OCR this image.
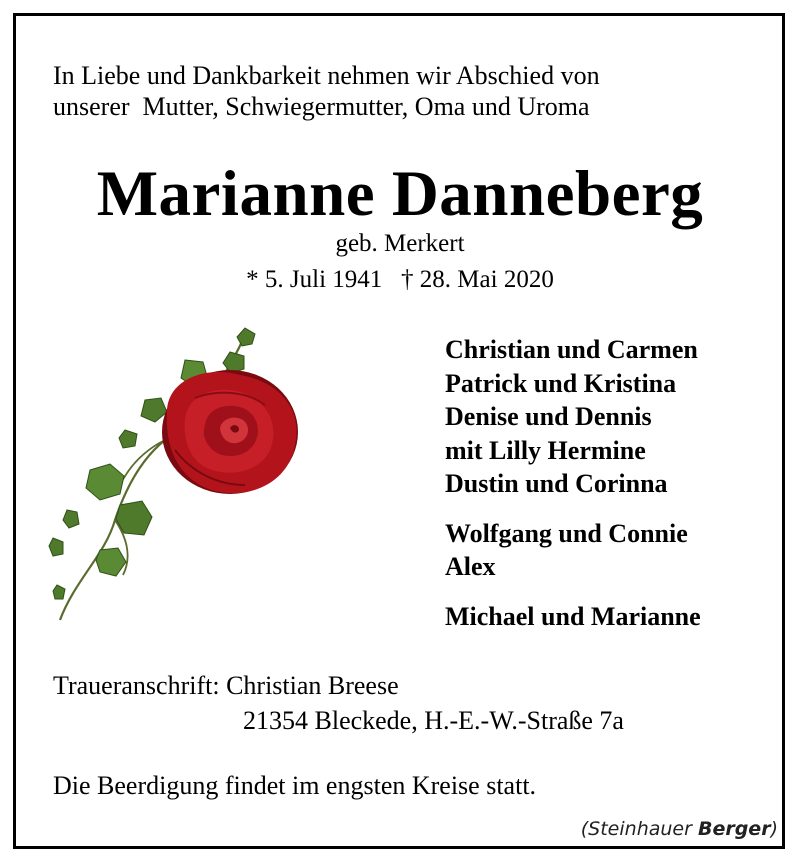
In Liebe und Dankbarkeit nehmen wir Abschied von
unserer  Mutter, Schwiegermutter, Oma und Uroma
Marianne Danneberg
geb. Merkert
* 5. Juli 1941   † 28. Mai 2020
Christian und Carmen
Patrick und Kristina
Denise und Dennis
mit Lilly Hermine
Dustin und Corinna
Wolfgang und Connie
Alex
Michael und Marianne
Traueranschrift: Christian Breese
21354 Bleckede, H.-E.-W.-Straße 7a
Die Beerdigung findet im engsten Kreise statt.
(Steinhauer Berger)
